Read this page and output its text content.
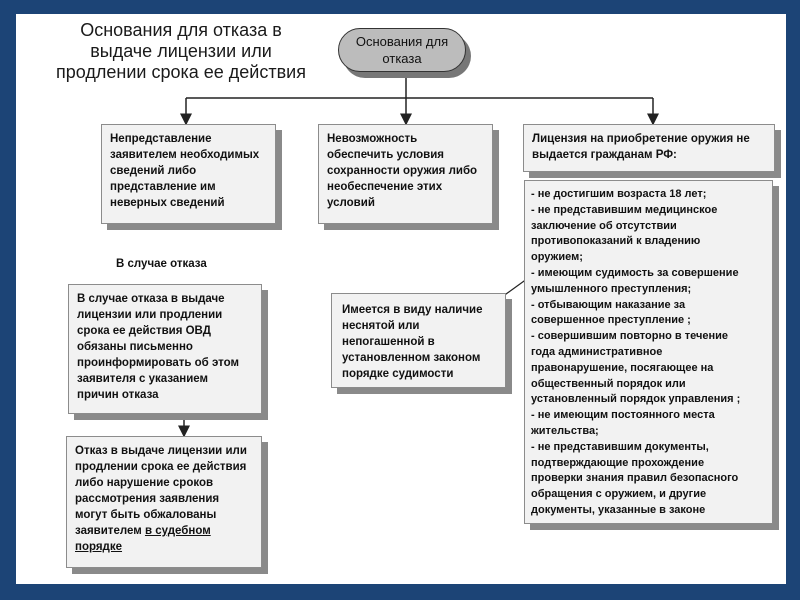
Основания для отказа в
выдаче лицензии или
продлении срока ее действия
Основания для
отказа
Непредставление
заявителем необходимых
сведений либо
представление им
неверных сведений
Невозможность
обеспечить условия
сохранности оружия либо
необеспечение этих
условий
Лицензия на приобретение оружия не
выдается гражданам РФ:
- не достигшим возраста 18 лет;
- не представившим медицинское
заключение об отсутствии
противопоказаний к владению
оружием;
- имеющим судимость за совершение
умышленного преступления;
- отбывающим наказание за
совершенное преступление ;
- совершившим повторно в течение
года административное
правонарушение, посягающее на
общественный порядок или
установленный порядок управления ;
- не имеющим постоянного места
жительства;
- не представившим документы,
подтверждающие прохождение
проверки знания правил безопасного
обращения с оружием, и другие
документы, указанные в законе
В случае отказа
В случае отказа в выдаче
лицензии или продлении
срока ее действия ОВД
обязаны письменно
проинформировать об этом
заявителя с указанием
причин отказа
Отказ в выдаче лицензии или
продлении срока ее действия
либо нарушение сроков
рассмотрения заявления
могут быть обжалованы
заявителем в судебном
порядке
Имеется в виду наличие
неснятой или
непогашенной в
установленном законом
порядке судимости
